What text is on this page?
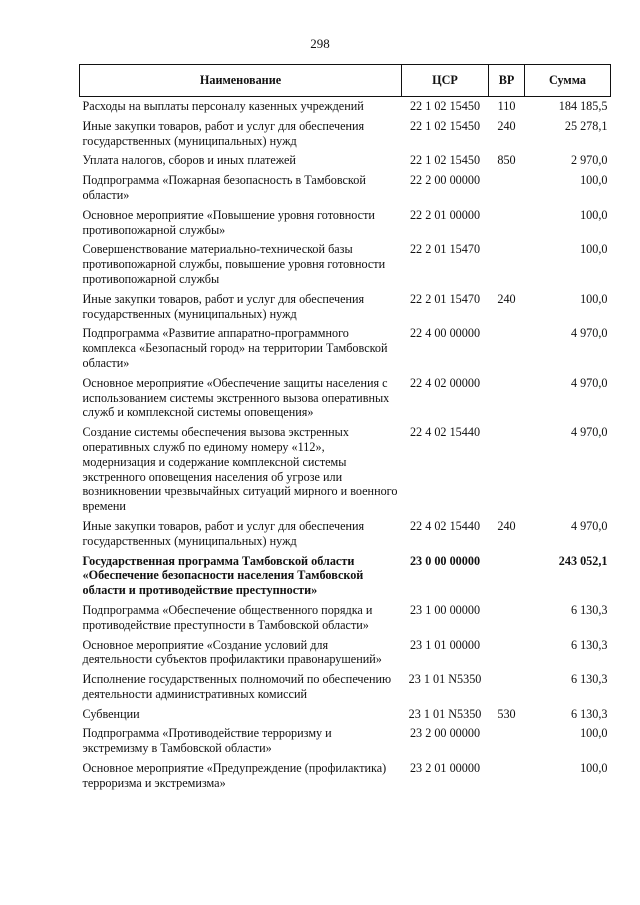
298
Наименование	ЦСР	ВР	Сумма
Расходы на выплаты персоналу казенных учреждений	22 1 02 15450	110	184 185,5
Иные закупки товаров, работ и услуг для обеспечения государственных (муниципальных) нужд	22 1 02 15450	240	25 278,1
Уплата налогов, сборов и иных платежей	22 1 02 15450	850	2 970,0
Подпрограмма «Пожарная безопасность в Тамбовской области»	22 2 00 00000		100,0
Основное мероприятие «Повышение уровня готовности противопожарной службы»	22 2 01 00000		100,0
Совершенствование материально-технической базы противопожарной службы, повышение уровня готовности противопожарной службы	22 2 01 15470		100,0
Иные закупки товаров, работ и услуг для обеспечения государственных (муниципальных) нужд	22 2 01 15470	240	100,0
Подпрограмма «Развитие аппаратно-программного комплекса «Безопасный город» на территории Тамбовской области»	22 4 00 00000		4 970,0
Основное мероприятие «Обеспечение защиты населения с использованием системы экстренного вызова оперативных служб и комплексной системы оповещения»	22 4 02 00000		4 970,0
Создание системы обеспечения вызова экстренных оперативных служб по единому номеру «112», модернизация и содержание комплексной системы экстренного оповещения населения об угрозе или возникновении чрезвычайных ситуаций мирного и военного времени	22 4 02 15440		4 970,0
Иные закупки товаров, работ и услуг для обеспечения государственных (муниципальных) нужд	22 4 02 15440	240	4 970,0
Государственная программа Тамбовской области «Обеспечение безопасности населения Тамбовской области и противодействие преступности»	23 0 00 00000		243 052,1
Подпрограмма «Обеспечение общественного порядка и противодействие преступности в Тамбовской области»	23 1 00 00000		6 130,3
Основное мероприятие «Создание условий для деятельности субъектов профилактики правонарушений»	23 1 01 00000		6 130,3
Исполнение государственных полномочий по обеспечению деятельности административных комиссий	23 1 01 N5350		6 130,3
Субвенции	23 1 01 N5350	530	6 130,3
Подпрограмма «Противодействие терроризму и экстремизму в Тамбовской области»	23 2 00 00000		100,0
Основное мероприятие «Предупреждение (профилактика) терроризма и экстремизма»	23 2 01 00000		100,0
